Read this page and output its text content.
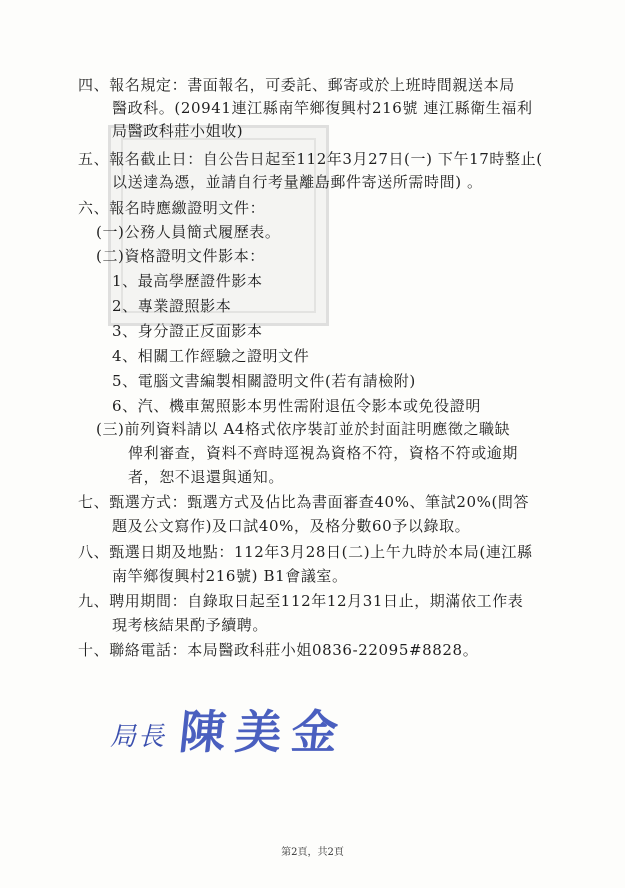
四、報名規定：書面報名，可委託、郵寄或於上班時間親送本局
醫政科。(20941連江縣南竿鄉復興村216號 連江縣衛生福利
局醫政科莊小姐收)
五、報名截止日：自公告日起至112年3月27日(一) 下午17時整止(
以送達為憑，並請自行考量離島郵件寄送所需時間) 。
六、報名時應繳證明文件：
(一)公務人員簡式履歷表。
(二)資格證明文件影本：
1、最高學歷證件影本
2、專業證照影本
3、身分證正反面影本
4、相關工作經驗之證明文件
5、電腦文書編製相關證明文件(若有請檢附)
6、汽、機車駕照影本男性需附退伍令影本或免役證明
(三)前列資料請以 A4格式依序裝訂並於封面註明應徵之職缺
俾利審查，資料不齊時逕視為資格不符，資格不符或逾期
者，恕不退還與通知。
七、甄選方式：甄選方式及佔比為書面審查40%、筆試20%(問答
題及公文寫作)及口試40%，及格分數60予以錄取。
八、甄選日期及地點：112年3月28日(二)上午九時於本局(連江縣
南竿鄉復興村216號) B1會議室。
九、聘用期間：自錄取日起至112年12月31日止，期滿依工作表
現考核結果酌予續聘。
十、聯絡電話：本局醫政科莊小姐0836-22095#8828。
局長 陳美金
第2頁，共2頁
